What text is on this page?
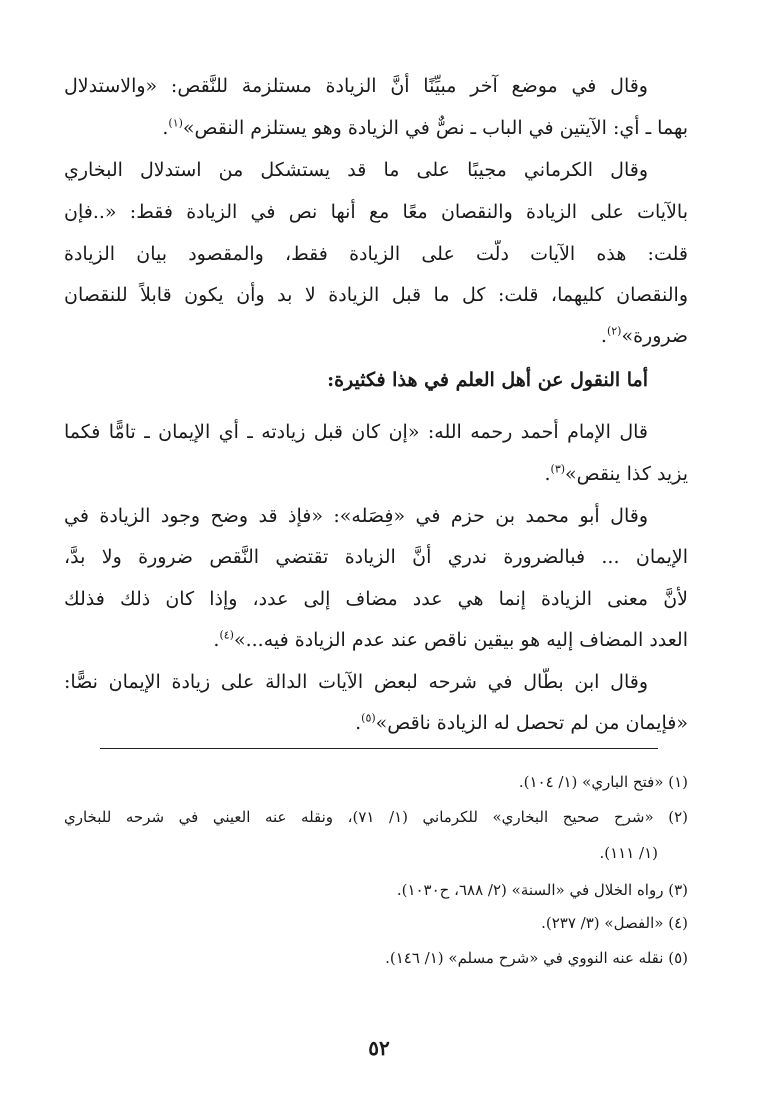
وقال في موضع آخر مبيِّنًا أنَّ الزيادة مستلزمة للنَّقص: «والاستدلال
بهما ـ أي: الآيتين في الباب ـ نصٌّ في الزيادة وهو يستلزم النقص»$^{(١)}$.
وقال الكرماني مجيبًا على ما قد يستشكل من استدلال البخاري
بالآيات على الزيادة والنقصان معًا مع أنها نص في الزيادة فقط: «..فإن
قلت: هذه الآيات دلّت على الزيادة فقط، والمقصود بيان الزيادة
والنقصان كليهما، قلت: كل ما قبل الزيادة لا بد وأن يكون قابلاً للنقصان
ضرورة»$^{(٢)}$.
أما النقول عن أهل العلم في هذا فكثيرة:
قال الإمام أحمد رحمه الله: «إن كان قبل زيادته ـ أي الإيمان ـ تامًّا فكما
يزيد كذا ينقص»$^{(٣)}$.
وقال أبو محمد بن حزم في «فِصَله»: «فإذ قد وضح وجود الزيادة في
الإيمان ... فبالضرورة ندري أنَّ الزيادة تقتضي النَّقص ضرورة ولا بدَّ،
لأنَّ معنى الزيادة إنما هي عدد مضاف إلى عدد، وإذا كان ذلك فذلك
العدد المضاف إليه هو بيقين ناقص عند عدم الزيادة فيه...»$^{(٤)}$.
وقال ابن بطّال في شرحه لبعض الآيات الدالة على زيادة الإيمان نصًّا:
«فإيمان من لم تحصل له الزيادة ناقص»$^{(٥)}$.
(١) «فتح الباري» (١/ ١٠٤).
(٢) «شرح صحيح البخاري» للكرماني (١/ ٧١)، ونقله عنه العيني في شرحه للبخاري
(١/ ١١١).
(٣) رواه الخلال في «السنة» (٢/ ٦٨٨، ح١٠٣٠).
(٤) «الفصل» (٣/ ٢٣٧).
(٥) نقله عنه النووي في «شرح مسلم» (١/ ١٤٦).
٥٢
